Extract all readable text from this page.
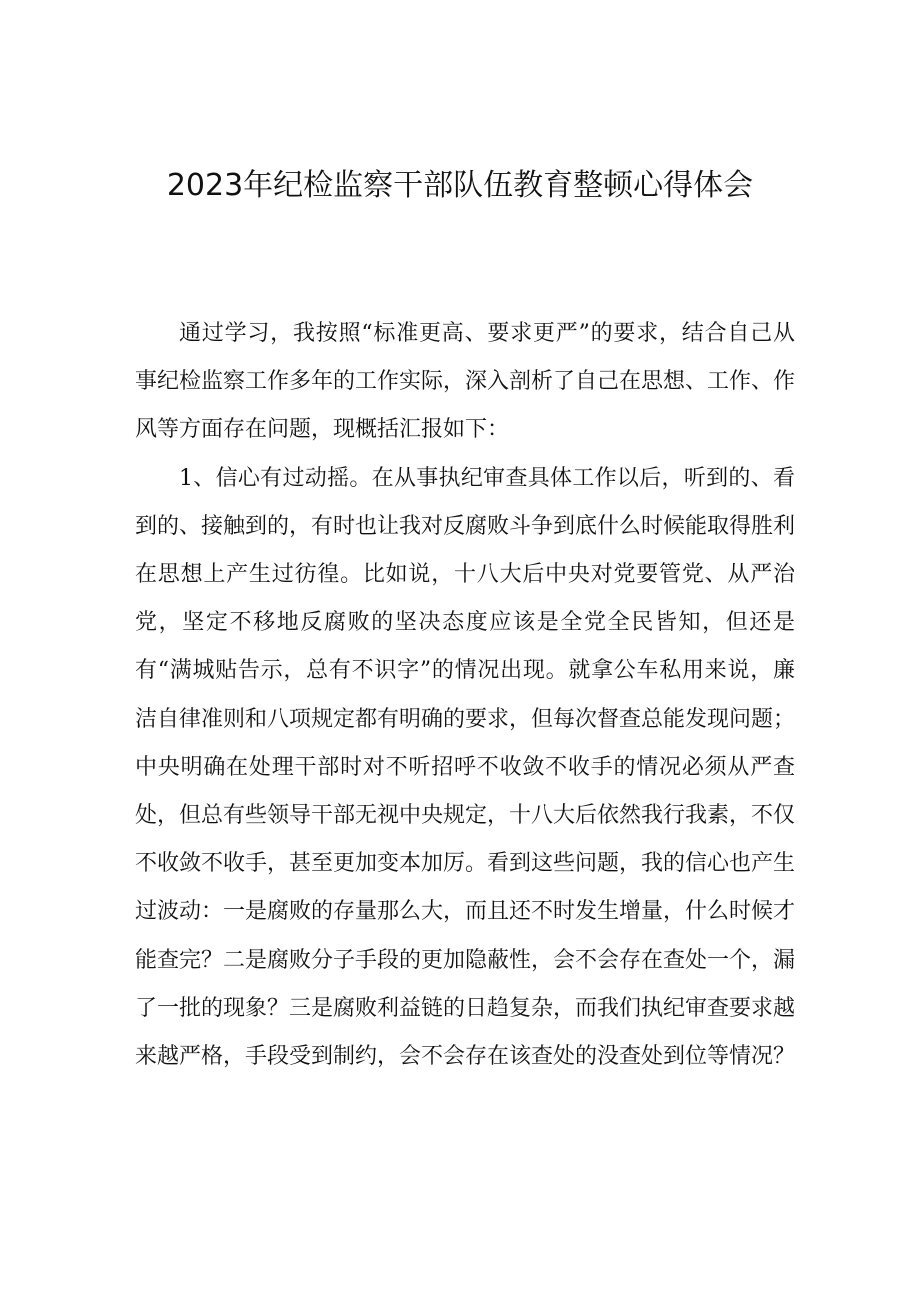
2023年纪检监察干部队伍教育整顿心得体会

通过学习，我按照“标准更高、要求更严”的要求，结合自己从事纪检监察工作多年的工作实际，深入剖析了自己在思想、工作、作风等方面存在问题，现概括汇报如下：

1、信心有过动摇。在从事执纪审查具体工作以后，听到的、看到的、接触到的，有时也让我对反腐败斗争到底什么时候能取得胜利在思想上产生过彷徨。比如说，十八大后中央对党要管党、从严治党，坚定不移地反腐败的坚决态度应该是全党全民皆知，但还是有“满城贴告示，总有不识字”的情况出现。就拿公车私用来说，廉洁自律准则和八项规定都有明确的要求，但每次督查总能发现问题；中央明确在处理干部时对不听招呼不收敛不收手的情况必须从严查处，但总有些领导干部无视中央规定，十八大后依然我行我素，不仅不收敛不收手，甚至更加变本加厉。看到这些问题，我的信心也产生过波动：一是腐败的存量那么大，而且还不时发生增量，什么时候才能查完？二是腐败分子手段的更加隐蔽性，会不会存在查处一个，漏了一批的现象？三是腐败利益链的日趋复杂，而我们执纪审查要求越来越严格，手段受到制约，会不会存在该查处的没查处到位等情况？
